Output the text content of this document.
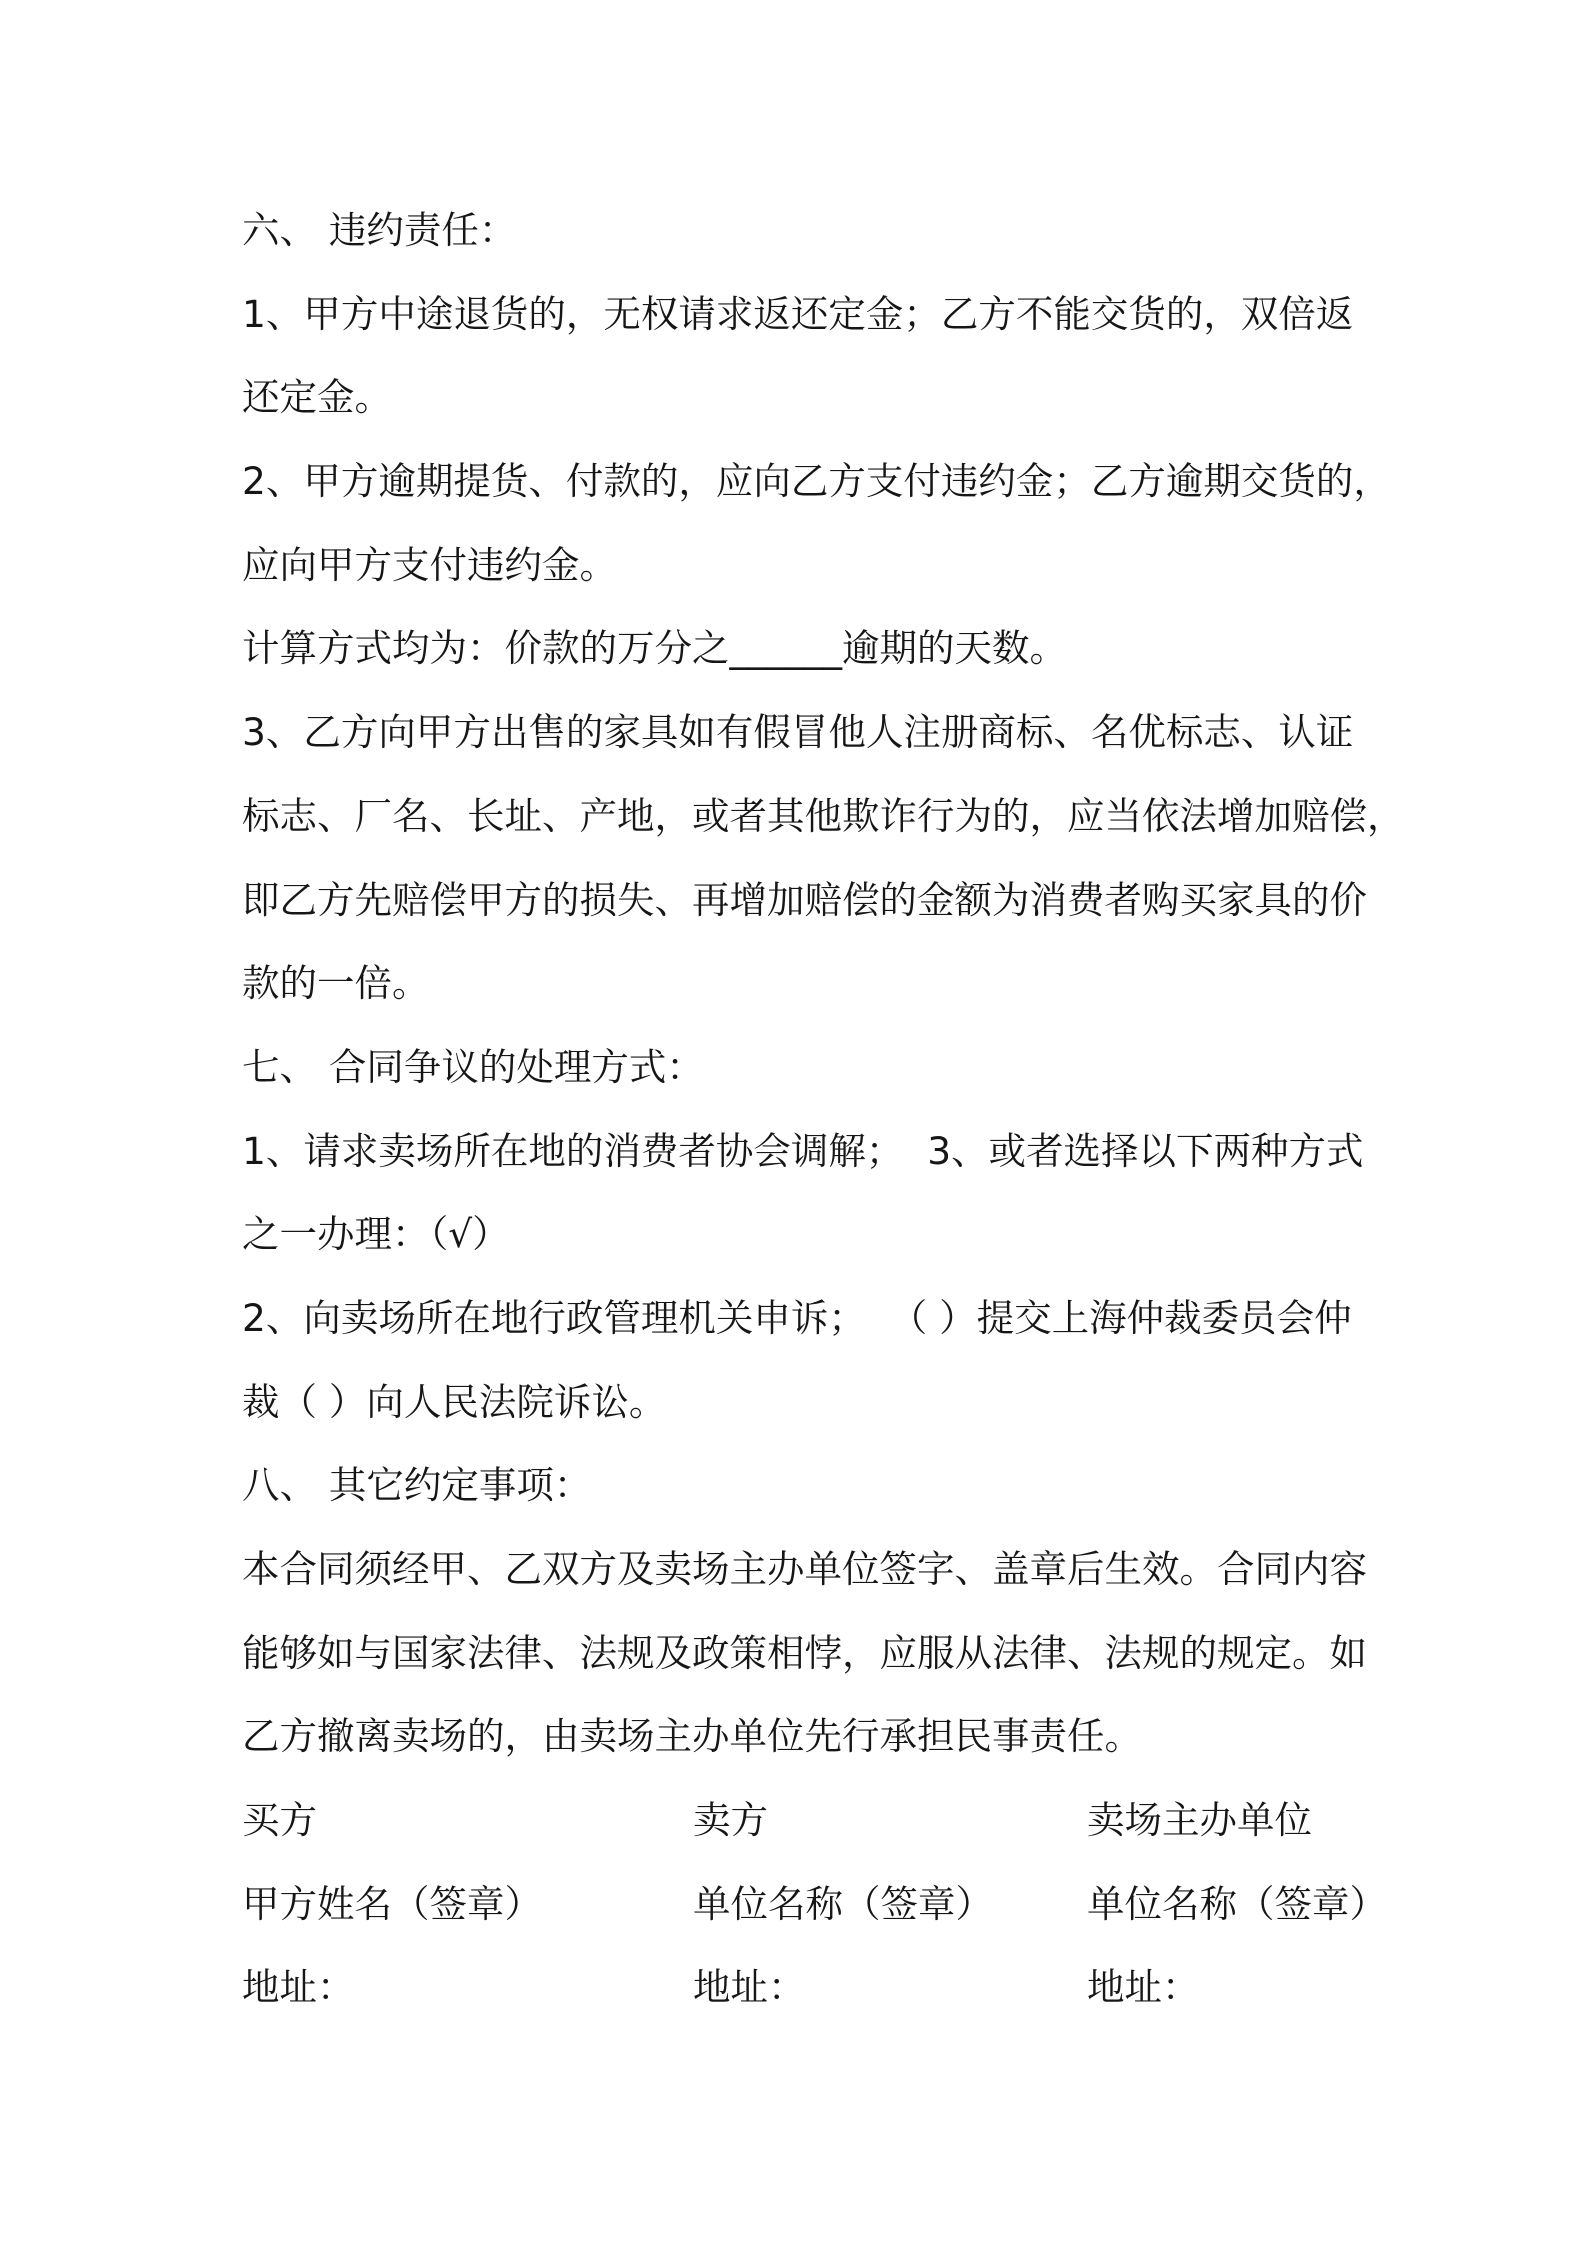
六、 违约责任：
1、甲方中途退货的，无权请求返还定金；乙方不能交货的，双倍返
还定金。
2、甲方逾期提货、付款的，应向乙方支付违约金；乙方逾期交货的，
应向甲方支付违约金。
计算方式均为：价款的万分之______逾期的天数。
3、乙方向甲方出售的家具如有假冒他人注册商标、名优标志、认证
标志、厂名、长址、产地，或者其他欺诈行为的，应当依法增加赔偿，
即乙方先赔偿甲方的损失、再增加赔偿的金额为消费者购买家具的价
款的一倍。
七、 合同争议的处理方式：
1、请求卖场所在地的消费者协会调解；  3、或者选择以下两种方式
之一办理：（√）
2、向卖场所在地行政管理机关申诉；  （ ）提交上海仲裁委员会仲
裁（ ）向人民法院诉讼。
八、 其它约定事项：
本合同须经甲、乙双方及卖场主办单位签字、盖章后生效。合同内容
能够如与国家法律、法规及政策相悖，应服从法律、法规的规定。如
乙方撤离卖场的，由卖场主办单位先行承担民事责任。
买方	卖方	卖场主办单位
甲方姓名（签章）	单位名称（签章）	单位名称（签章）
地址：	地址：	地址：
